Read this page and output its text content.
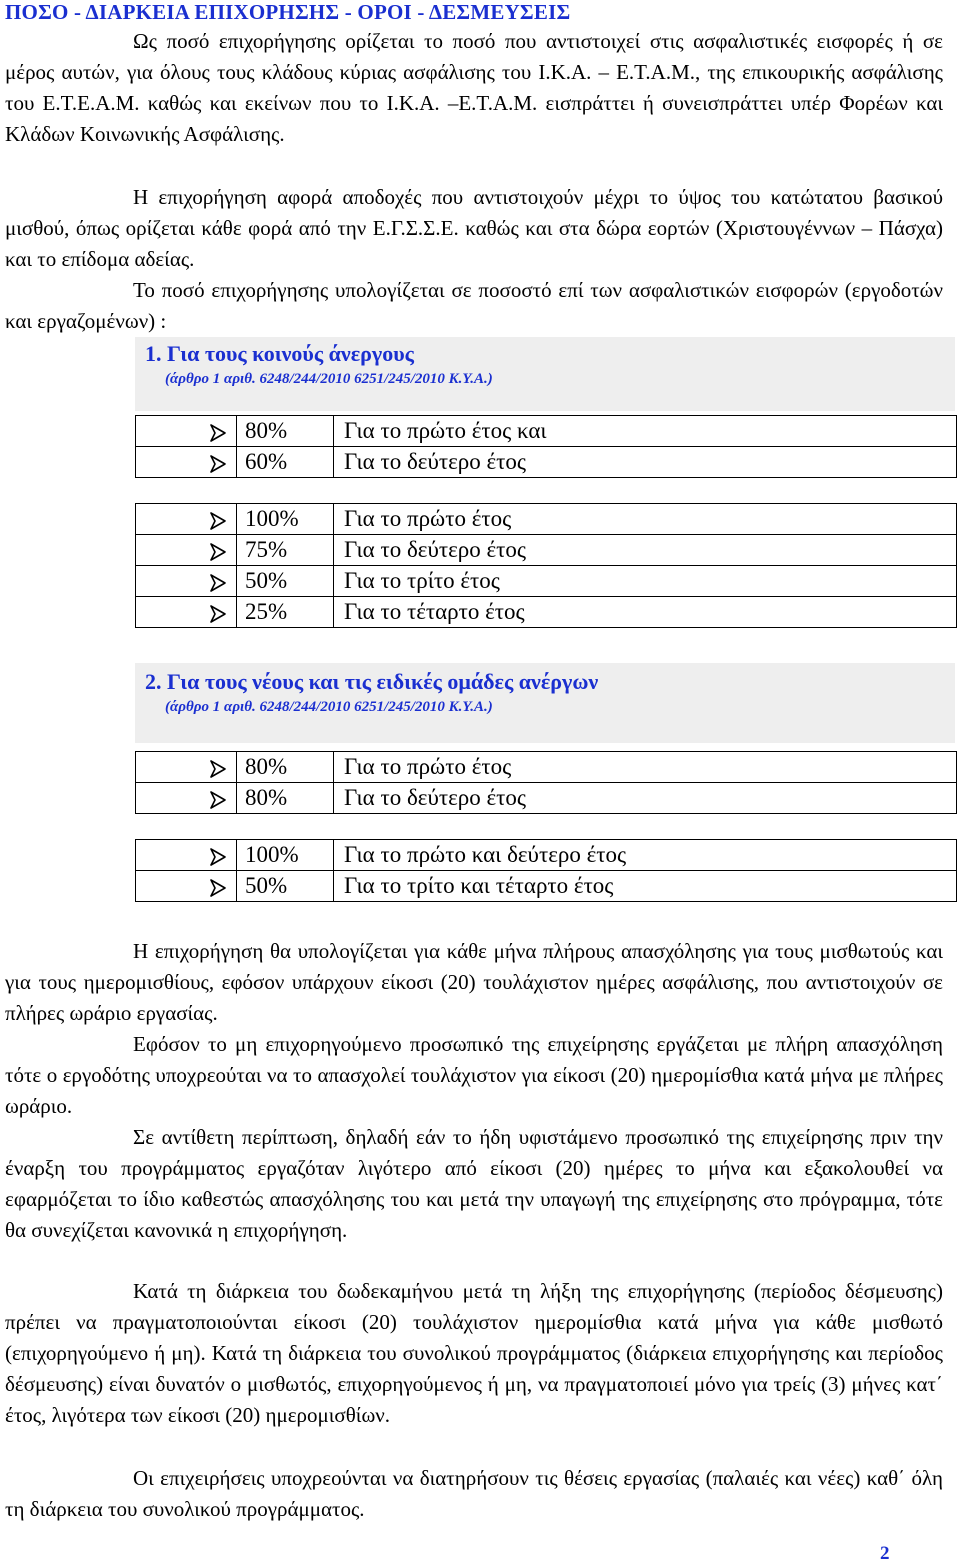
ΠΟΣΟ - ΔΙΑΡΚΕΙΑ ΕΠΙΧΟΡΗΣΗΣ - ΟΡΟΙ - ΔΕΣΜΕΥΣΕΙΣ

Ως ποσό επιχορήγησης ορίζεται το ποσό που αντιστοιχεί στις ασφαλιστικές εισφορές ή σε μέρος αυτών, για όλους τους κλάδους κύριας ασφάλισης του Ι.Κ.Α. – Ε.Τ.Α.Μ., της επικουρικής ασφάλισης του Ε.Τ.Ε.Α.Μ. καθώς και εκείνων που το Ι.Κ.Α. –Ε.Τ.Α.Μ. εισπράττει ή συνεισπράττει υπέρ Φορέων και Κλάδων Κοινωνικής Ασφάλισης.

Η επιχορήγηση αφορά αποδοχές που αντιστοιχούν μέχρι το ύψος του κατώτατου βασικού μισθού, όπως ορίζεται κάθε φορά από την Ε.Γ.Σ.Σ.Ε. καθώς και στα δώρα εορτών (Χριστουγέννων – Πάσχα) και το επίδομα αδείας.

Το ποσό επιχορήγησης υπολογίζεται σε ποσοστό επί των ασφαλιστικών εισφορών (εργοδοτών και εργαζομένων) :

1. Για τους κοινούς άνεργους
(άρθρο 1 αριθ. 6248/244/2010 6251/245/2010 Κ.Υ.Α.)
	80%	Για το πρώτο έτος και
	60%	Για το δεύτερο έτος
	100%	Για το πρώτο έτος
	75%	Για το δεύτερο έτος
	50%	Για το τρίτο έτος
	25%	Για το τέταρτο έτος
2. Για τους νέους και τις ειδικές ομάδες ανέργων
(άρθρο 1 αριθ. 6248/244/2010 6251/245/2010 Κ.Υ.Α.)
	80%	Για το πρώτο έτος
	80%	Για το δεύτερο έτος
	100%	Για το πρώτο και δεύτερο έτος
	50%	Για το τρίτο και τέταρτο έτος

Η επιχορήγηση θα υπολογίζεται για κάθε μήνα πλήρους απασχόλησης για τους μισθωτούς και για τους ημερομισθίους, εφόσον υπάρχουν είκοσι (20) τουλάχιστον ημέρες ασφάλισης, που αντιστοιχούν σε πλήρες ωράριο εργασίας.

Εφόσον το μη επιχορηγούμενο προσωπικό της επιχείρησης εργάζεται με πλήρη απασχόληση τότε ο εργοδότης υποχρεούται να το απασχολεί τουλάχιστον για είκοσι (20) ημερομίσθια κατά μήνα με πλήρες ωράριο.

Σε αντίθετη περίπτωση, δηλαδή εάν το ήδη υφιστάμενο προσωπικό της επιχείρησης πριν την έναρξη του προγράμματος εργαζόταν λιγότερο από είκοσι (20) ημέρες το μήνα και εξακολουθεί να εφαρμόζεται το ίδιο καθεστώς απασχόλησης του και μετά την υπαγωγή της επιχείρησης στο πρόγραμμα, τότε θα συνεχίζεται κανονικά η επιχορήγηση.

Κατά τη διάρκεια του δωδεκαμήνου μετά τη λήξη της επιχορήγησης (περίοδος δέσμευσης) πρέπει να πραγματοποιούνται είκοσι (20) τουλάχιστον ημερομίσθια κατά μήνα για κάθε μισθωτό (επιχορηγούμενο ή μη). Κατά τη διάρκεια του συνολικού προγράμματος (διάρκεια επιχορήγησης και περίοδος δέσμευσης) είναι δυνατόν ο μισθωτός, επιχορηγούμενος ή μη, να πραγματοποιεί μόνο για τρείς (3) μήνες κατ΄ έτος, λιγότερα των είκοσι (20) ημερομισθίων.

Οι επιχειρήσεις υποχρεούνται να διατηρήσουν τις θέσεις εργασίας (παλαιές και νέες) καθ΄ όλη τη διάρκεια του συνολικού προγράμματος.

2
